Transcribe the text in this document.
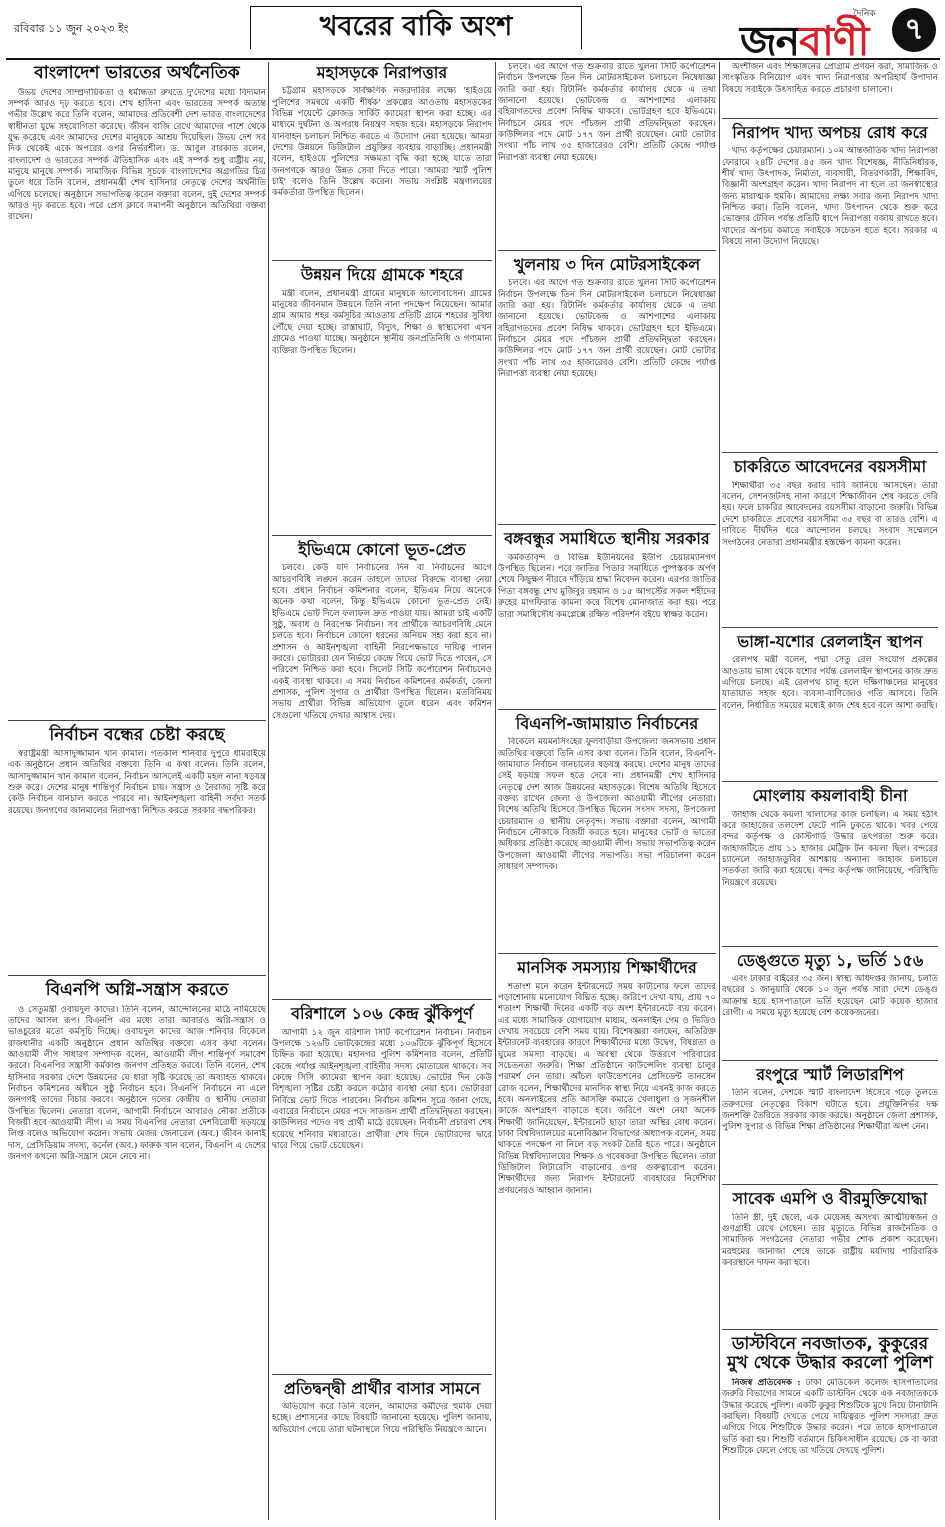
রবিবার ১১ জুন ২০২৩ ইং	খবরের বাকি অংশ	দৈনিক
জনবাণী	৭
বাংলাদেশ ভারতের অর্থনৈতিক

উভয় দেশের সাম্প্রদায়িকতা ও ধর্মান্ধতা রুখতে দু'দেশের মধ্যে বিদ্যমান সম্পর্ক আরও দৃঢ় করতে হবে। শেখ হাসিনা এবং ভারতের সম্পর্ক অত্যন্ত গভীর উল্লেখ করে তিনি বলেন, আমাদের প্রতিবেশী দেশ ভারত বাংলাদেশের স্বাধীনতা যুদ্ধে সহযোগিতা করেছে। জীবন বাজি রেখে আমাদের পাশে থেকে যুদ্ধ করেছে এবং আমাদের দেশের মানুষকে আশ্রয় দিয়েছিল। উভয় দেশ সব দিক থেকেই একে অপরের ওপর নির্ভরশীল। ড. আবুল বারকাত বলেন, বাংলাদেশ ও ভারতের সম্পর্ক ঐতিহাসিক এবং এই সম্পর্ক শুধু রাষ্ট্রীয় নয়, মানুষে মানুষে সম্পর্ক। সামাজিক বিভিন্ন সূচকে বাংলাদেশের অগ্রগতির চিত্র তুলে ধরে তিনি বলেন, প্রধানমন্ত্রী শেখ হাসিনার নেতৃত্বে দেশের অর্থনীতি এগিয়ে চলেছে। অনুষ্ঠানে সভাপতিত্ব করেন বক্তারা বলেন, দুই দেশের সম্পর্ক আরও দৃঢ় করতে হবে। পরে প্রেস ক্লাবে সমাপনী অনুষ্ঠানে অতিথিরা বক্তব্য রাখেন।

নির্বাচন বন্ধের চেষ্টা করছে

স্বরাষ্ট্রমন্ত্রী আসাদুজ্জামান খান কামাল। গতকাল শনিবার দুপুরে ধামরাইয়ে এক অনুষ্ঠানে প্রধান অতিথির বক্তব্যে তিনি এ কথা বলেন। তিনি বলেন, আসাদুজ্জামান খান কামাল বলেন, নির্বাচন আসলেই একটি মহল নানা ষড়যন্ত্র শুরু করে। দেশের মানুষ শান্তিপূর্ণ নির্বাচন চায়। সন্ত্রাস ও নৈরাজ্য সৃষ্টি করে কেউ নির্বাচন বানচাল করতে পারবে না। আইনশৃঙ্খলা বাহিনী সর্বদা সতর্ক রয়েছে। জনগণের জানমালের নিরাপত্তা নিশ্চিত করতে সরকার বদ্ধপরিকর।

বিএনপি অগ্নি-সন্ত্রাস করতে

ও সেতুমন্ত্রী ওবায়দুল কাদের। তিনি বলেন, আন্দোলনের মাঠে নামিয়েছে তাদের আসল রূপ। বিএনপি এর মধ্যে তারা আবারও অগ্নি-সন্ত্রাস ও ভাঙচুরের মতো কর্মসূচি দিচ্ছে। ওবায়দুল কাদের আজ শনিবার বিকেলে রাজধানীর একটি অনুষ্ঠানে প্রধান অতিথির বক্তব্যে এসব কথা বলেন। আওয়ামী লীগ সাধারণ সম্পাদক বলেন, আওয়ামী লীগ শান্তিপূর্ণ সমাবেশ করবে। বিএনপির সন্ত্রাসী কর্মকাণ্ড জনগণ প্রতিহত করবে। তিনি বলেন, শেখ হাসিনার সরকার দেশে উন্নয়নের যে ধারা সৃষ্টি করেছে তা অব্যাহত থাকবে। নির্বাচন কমিশনের অধীনে সুষ্ঠু নির্বাচন হবে। বিএনপি নির্বাচনে না এলে জনগণই তাদের বিচার করবে। অনুষ্ঠানে দলের কেন্দ্রীয় ও স্থানীয় নেতারা উপস্থিত ছিলেন। নেতারা বলেন, আগামী নির্বাচনে আবারও নৌকা প্রতীকে বিজয়ী হবে আওয়ামী লীগ। এ সময় বিএনপির নেতারা দেশবিরোধী ষড়যন্ত্রে লিপ্ত বলেও অভিযোগ করেন। সভায় মেজর জেনারেল (অব.) জীবন কানাই দাস, প্রেসিডিয়াম সদস্য, কর্নেল (অব.) ফারুক খান বলেন, বিএনপি এ দেশের জনগণ কখনো অগ্নি-সন্ত্রাস মেনে নেবে না।

মহাসড়কে নিরাপত্তার

চট্টগ্রাম মহাসড়কে সার্বক্ষণিক নজরদারির লক্ষ্যে 'হাইওয়ে পুলিশের সমন্বয়ে একটি শীর্ষক' প্রকল্পের আওতায় মহাসড়কের বিভিন্ন পয়েন্টে ক্লোজড সার্কিট ক্যামেরা স্থাপন করা হচ্ছে। এর মাধ্যমে দুর্ঘটনা ও অপরাধ নিয়ন্ত্রণ সহজ হবে। মহাসড়কে নিরাপদ যানবাহন চলাচল নিশ্চিত করতে এ উদ্যোগ নেয়া হয়েছে। আমরা দেশের উন্নয়নে ডিজিটাল প্রযুক্তির ব্যবহার বাড়াচ্ছি। প্রধানমন্ত্রী বলেন, হাইওয়ে পুলিশের সক্ষমতা বৃদ্ধি করা হচ্ছে যাতে তারা জনগণকে আরও উন্নত সেবা দিতে পারে। 'আমরা স্মার্ট পুলিশ চাই' বলেও তিনি উল্লেখ করেন। সভায় সংশ্লিষ্ট মন্ত্রণালয়ের কর্মকর্তারা উপস্থিত ছিলেন।

উন্নয়ন দিয়ে গ্রামকে শহরে

মন্ত্রী বলেন, প্রধানমন্ত্রী গ্রামের মানুষকে ভালোবাসেন। গ্রামের মানুষের জীবনমান উন্নয়নে তিনি নানা পদক্ষেপ নিয়েছেন। আমার গ্রাম আমার শহর কর্মসূচির আওতায় প্রতিটি গ্রামে শহরের সুবিধা পৌঁছে দেয়া হচ্ছে। রাস্তাঘাট, বিদ্যুৎ, শিক্ষা ও স্বাস্থ্যসেবা এখন গ্রামেও পাওয়া যাচ্ছে। অনুষ্ঠানে স্থানীয় জনপ্রতিনিধি ও গণ্যমান্য ব্যক্তিরা উপস্থিত ছিলেন।

ইভিএমে কোনো ভূত-প্রেত

চলবে। কেউ যদি নির্বাচনের দিন বা নির্বাচনের আগে আচরণবিধি লঙ্ঘন করেন তাহলে তাদের বিরুদ্ধে ব্যবস্থা নেয়া হবে। প্রধান নির্বাচন কমিশনার বলেন, ইভিএম নিয়ে অনেকে অনেক কথা বলেন, কিন্তু ইভিএমে কোনো ভূত-প্রেত নেই। ইভিএমে ভোট দিলে ফলাফল দ্রুত পাওয়া যায়। আমরা চাই একটি সুষ্ঠু, অবাধ ও নিরপেক্ষ নির্বাচন। সব প্রার্থীকে আচরণবিধি মেনে চলতে হবে। নির্বাচনে কোনো ধরনের অনিয়ম সহ্য করা হবে না। প্রশাসন ও আইনশৃঙ্খলা বাহিনী নিরপেক্ষভাবে দায়িত্ব পালন করবে। ভোটাররা যেন নির্ভয়ে কেন্দ্রে গিয়ে ভোট দিতে পারেন, সে পরিবেশ নিশ্চিত করা হবে। সিলেট সিটি কর্পোরেশন নির্বাচনেও একই ব্যবস্থা থাকবে। এ সময় নির্বাচন কমিশনের কর্মকর্তা, জেলা প্রশাসক, পুলিশ সুপার ও প্রার্থীরা উপস্থিত ছিলেন। মতবিনিময় সভায় প্রার্থীরা বিভিন্ন অভিযোগ তুলে ধরেন এবং কমিশন সেগুলো খতিয়ে দেখার আশ্বাস দেয়।

বরিশালে ১০৬ কেন্দ্র ঝুঁকিপূর্ণ

আগামী ১২ জুন বরিশাল সিটি কর্পোরেশন নির্বাচন। নির্বাচন উপলক্ষে ১২৬টি ভোটকেন্দ্রের মধ্যে ১০৬টিকে ঝুঁকিপূর্ণ হিসেবে চিহ্নিত করা হয়েছে। মহানগর পুলিশ কমিশনার বলেন, প্রতিটি কেন্দ্রে পর্যাপ্ত আইনশৃঙ্খলা বাহিনীর সদস্য মোতায়েন থাকবে। সব কেন্দ্রে সিসি ক্যামেরা স্থাপন করা হয়েছে। ভোটের দিন কেউ বিশৃঙ্খলা সৃষ্টির চেষ্টা করলে কঠোর ব্যবস্থা নেয়া হবে। ভোটাররা নির্বিঘ্নে ভোট দিতে পারবেন। নির্বাচন কমিশন সূত্রে জানা গেছে, এবারের নির্বাচনে মেয়র পদে সাতজন প্রার্থী প্রতিদ্বন্দ্বিতা করছেন। কাউন্সিলর পদেও বহু প্রার্থী মাঠে রয়েছেন। নির্বাচনী প্রচারণা শেষ হয়েছে শনিবার মধ্যরাতে। প্রার্থীরা শেষ দিনে ভোটারদের দ্বারে দ্বারে গিয়ে ভোট চেয়েছেন।

প্রতিদ্বন্দ্বী প্রার্থীর বাসার সামনে

অভিযোগ করে তিনি বলেন, আমাদের কর্মীদের হুমকি দেয়া হচ্ছে। প্রশাসনের কাছে বিষয়টি জানানো হয়েছে। পুলিশ জানায়, অভিযোগ পেয়ে তারা ঘটনাস্থলে গিয়ে পরিস্থিতি নিয়ন্ত্রণে আনে।

চলবে। এর আগে গত শুক্রবার রাতে খুলনা সিটি কর্পোরেশন নির্বাচন উপলক্ষে তিন দিন মোটরসাইকেল চলাচলে নিষেধাজ্ঞা জারি করা হয়। রিটার্নিং কর্মকর্তার কার্যালয় থেকে এ তথ্য জানানো হয়েছে। ভোটকেন্দ্র ও আশপাশের এলাকায় বহিরাগতদের প্রবেশ নিষিদ্ধ থাকবে। ভোটগ্রহণ হবে ইভিএমে। নির্বাচনে মেয়র পদে পাঁচজন প্রার্থী প্রতিদ্বন্দ্বিতা করছেন। কাউন্সিলর পদে মোট ১৭৭ জন প্রার্থী রয়েছেন। মোট ভোটার সংখ্যা পাঁচ লাখ ৩৫ হাজারেরও বেশি। প্রতিটি কেন্দ্রে পর্যাপ্ত নিরাপত্তা ব্যবস্থা নেয়া হয়েছে।

খুলনায় ৩ দিন মোটরসাইকেল

চলবে। এর আগে গত শুক্রবার রাতে খুলনা সিটি কর্পোরেশন নির্বাচন উপলক্ষে তিন দিন মোটরসাইকেল চলাচলে নিষেধাজ্ঞা জারি করা হয়। রিটার্নিং কর্মকর্তার কার্যালয় থেকে এ তথ্য জানানো হয়েছে। ভোটকেন্দ্র ও আশপাশের এলাকায় বহিরাগতদের প্রবেশ নিষিদ্ধ থাকবে। ভোটগ্রহণ হবে ইভিএমে। নির্বাচনে মেয়র পদে পাঁচজন প্রার্থী প্রতিদ্বন্দ্বিতা করছেন। কাউন্সিলর পদে মোট ১৭৭ জন প্রার্থী রয়েছেন। মোট ভোটার সংখ্যা পাঁচ লাখ ৩৫ হাজারেরও বেশি। প্রতিটি কেন্দ্রে পর্যাপ্ত নিরাপত্তা ব্যবস্থা নেয়া হয়েছে।

বঙ্গবন্ধুর সমাধিতে স্থানীয় সরকার

কর্মকর্তাবৃন্দ ও বিভিন্ন ইউনিয়নের ইউপি চেয়ারম্যানগণ উপস্থিত ছিলেন। পরে জাতির পিতার সমাধিতে পুষ্পস্তবক অর্পণ শেষে কিছুক্ষণ নীরবে দাঁড়িয়ে শ্রদ্ধা নিবেদন করেন। এরপর জাতির পিতা বঙ্গবন্ধু শেখ মুজিবুর রহমান ও ১৫ আগস্টের সকল শহীদের রুহের মাগফিরাত কামনা করে বিশেষ মোনাজাত করা হয়। পরে তারা সমাধিসৌধ কমপ্লেক্সে রক্ষিত পরিদর্শন বইয়ে স্বাক্ষর করেন।

বিএনপি-জামায়াত নির্বাচনের

বিকেলে ময়মনসিংহের ফুলবাড়ীয়া উপজেলা জনসভায় প্রধান অতিথির বক্তব্যে তিনি এসব কথা বলেন। তিনি বলেন, বিএনপি-জামায়াত নির্বাচন বানচালের ষড়যন্ত্র করছে। দেশের মানুষ তাদের সেই ষড়যন্ত্র সফল হতে দেবে না। প্রধানমন্ত্রী শেখ হাসিনার নেতৃত্বে দেশ আজ উন্নয়নের মহাসড়কে। বিশেষ অতিথি হিসেবে বক্তব্য রাখেন জেলা ও উপজেলা আওয়ামী লীগের নেতারা। বিশেষ অতিথি হিসেবে উপস্থিত ছিলেন সংসদ সদস্য, উপজেলা চেয়ারম্যান ও স্থানীয় নেতৃবৃন্দ। সভায় বক্তারা বলেন, আগামী নির্বাচনে নৌকাকে বিজয়ী করতে হবে। মানুষের ভোট ও ভাতের অধিকার প্রতিষ্ঠা করেছে আওয়ামী লীগ। সভায় সভাপতিত্ব করেন উপজেলা আওয়ামী লীগের সভাপতি। সভা পরিচালনা করেন সাধারণ সম্পাদক।

মানসিক সমস্যায় শিক্ষার্থীদের

শতাংশ মনে করেন ইন্টারনেটে সময় কাটানোর ফলে তাদের পড়াশোনায় মনোযোগ বিঘ্নিত হচ্ছে। জরিপে দেখা যায়, প্রায় ৭০ শতাংশ শিক্ষার্থী দিনের একটি বড় অংশ ইন্টারনেটে ব্যয় করেন। এর মধ্যে সামাজিক যোগাযোগ মাধ্যম, অনলাইন গেম ও ভিডিও দেখায় সবচেয়ে বেশি সময় যায়। বিশেষজ্ঞরা বলছেন, অতিরিক্ত ইন্টারনেট ব্যবহারের কারণে শিক্ষার্থীদের মধ্যে উদ্বেগ, বিষণ্ণতা ও ঘুমের সমস্যা বাড়ছে। এ অবস্থা থেকে উত্তরণে পরিবারের সচেতনতা জরুরি। শিক্ষা প্রতিষ্ঠানে কাউন্সেলিং ব্যবস্থা চালুর পরামর্শ দেন তারা। আঁচল ফাউন্ডেশনের প্রেসিডেন্ট তানসেন রোজ বলেন, শিক্ষার্থীদের মানসিক স্বাস্থ্য নিয়ে এখনই কাজ করতে হবে। অনলাইনের প্রতি আসক্তি কমাতে খেলাধুলা ও সৃজনশীল কাজে অংশগ্রহণ বাড়াতে হবে। জরিপে অংশ নেয়া অনেক শিক্ষার্থী জানিয়েছেন, ইন্টারনেট ছাড়া তারা অস্থির বোধ করেন। ঢাকা বিশ্ববিদ্যালয়ের মনোবিজ্ঞান বিভাগের অধ্যাপক বলেন, সময় থাকতে পদক্ষেপ না নিলে বড় সংকট তৈরি হতে পারে। অনুষ্ঠানে বিভিন্ন বিশ্ববিদ্যালয়ের শিক্ষক ও গবেষকরা উপস্থিত ছিলেন। তারা ডিজিটাল লিটারেসি বাড়ানোর ওপর গুরুত্বারোপ করেন। শিক্ষার্থীদের জন্য নিরাপদ ইন্টারনেট ব্যবহারের নির্দেশিকা প্রণয়নেরও আহ্বান জানান।

অংশীজন এবং শিক্ষাঙ্গনের প্রোগ্রাম প্রণয়ন করা, সামাজিক ও সাংস্কৃতিক বিনিয়োগ এবং খাদ্য নিরাপত্তার অপরিহার্য উপাদান বিষয়ে সবাইকে উৎসাহিত করতে প্রচারণা চালানো।

নিরাপদ খাদ্য অপচয় রোধ করে

খাদ্য কর্তৃপক্ষের চেয়ারম্যান। ১০ম আন্তর্জাতিক খাদ্য নিরাপত্তা ফোরামে ২৪টি দেশের ৪৫ জন খাদ্য বিশেষজ্ঞ, নীতিনির্ধারক, শীর্ষ খাদ্য উৎপাদক, নির্মাতা, ব্যবসায়ী, বিতরণকারী, শিক্ষাবিদ, বিজ্ঞানী অংশগ্রহণ করেন। খাদ্য নিরাপদ না হলে তা জনস্বাস্থ্যের জন্য মারাত্মক হুমকি। আমাদের লক্ষ্য সবার জন্য নিরাপদ খাদ্য নিশ্চিত করা। তিনি বলেন, খাদ্য উৎপাদন থেকে শুরু করে ভোক্তার টেবিল পর্যন্ত প্রতিটি ধাপে নিরাপত্তা বজায় রাখতে হবে। খাদ্যের অপচয় কমাতে সবাইকে সচেতন হতে হবে। সরকার এ বিষয়ে নানা উদ্যোগ নিয়েছে।

চাকরিতে আবেদনের বয়সসীমা

শিক্ষার্থীরা ৩৫ বছর করার দাবি জানিয়ে আসছেন। তারা বলেন, সেশনজটসহ নানা কারণে শিক্ষাজীবন শেষ করতে দেরি হয়। ফলে চাকরির আবেদনের বয়সসীমা বাড়ানো জরুরি। বিভিন্ন দেশে চাকরিতে প্রবেশের বয়সসীমা ৩৫ বছর বা তারও বেশি। এ দাবিতে দীর্ঘদিন ধরে আন্দোলন চলছে। সংবাদ সম্মেলনে সংগঠনের নেতারা প্রধানমন্ত্রীর হস্তক্ষেপ কামনা করেন।

ভাঙ্গা-যশোর রেললাইন স্থাপন

রেলপথ মন্ত্রী বলেন, পদ্মা সেতু রেল সংযোগ প্রকল্পের আওতায় ভাঙ্গা থেকে যশোর পর্যন্ত রেললাইন স্থাপনের কাজ দ্রুত এগিয়ে চলছে। এই রেলপথ চালু হলে দক্ষিণাঞ্চলের মানুষের যাতায়াত সহজ হবে। ব্যবসা-বাণিজ্যেও গতি আসবে। তিনি বলেন, নির্ধারিত সময়ের মধ্যেই কাজ শেষ হবে বলে আশা করছি।

মোংলায় কয়লাবাহী চীনা

জাহাজ থেকে কয়লা খালাসের কাজ চলছিল। এ সময় হঠাৎ করে জাহাজের তলদেশ ফেটে পানি ঢুকতে থাকে। খবর পেয়ে বন্দর কর্তৃপক্ষ ও কোস্টগার্ড উদ্ধার তৎপরতা শুরু করে। জাহাজটিতে প্রায় ১১ হাজার মেট্রিক টন কয়লা ছিল। বন্দরের চ্যানেলে জাহাজডুবির আশঙ্কায় অন্যান্য জাহাজ চলাচলে সতর্কতা জারি করা হয়েছে। বন্দর কর্তৃপক্ষ জানিয়েছে, পরিস্থিতি নিয়ন্ত্রণে রয়েছে।

ডেঙ্গুতে মৃত্যু ১, ভর্তি ১৫৬

এবং ঢাকার বাইরের ৩৫ জন। স্বাস্থ্য অধিদপ্তর জানায়, চলতি বছরের ১ জানুয়ারি থেকে ১০ জুন পর্যন্ত সারা দেশে ডেঙ্গু আক্রান্ত হয়ে হাসপাতালে ভর্তি হয়েছেন মোট কয়েক হাজার রোগী। এ সময়ে মৃত্যু হয়েছে বেশ কয়েকজনের।

রংপুরে স্মার্ট লিডারশিপ

তিনি বলেন, দেশকে স্মার্ট বাংলাদেশ হিসেবে গড়ে তুলতে তরুণদের নেতৃত্বের বিকাশ ঘটাতে হবে। প্রযুক্তিনির্ভর দক্ষ জনশক্তি তৈরিতে সরকার কাজ করছে। অনুষ্ঠানে জেলা প্রশাসক, পুলিশ সুপার ও বিভিন্ন শিক্ষা প্রতিষ্ঠানের শিক্ষার্থীরা অংশ নেন।

সাবেক এমপি ও বীরমুক্তিযোদ্ধা

তিনি স্ত্রী, দুই ছেলে, এক মেয়েসহ অসংখ্য আত্মীয়স্বজন ও গুণগ্রাহী রেখে গেছেন। তার মৃত্যুতে বিভিন্ন রাজনৈতিক ও সামাজিক সংগঠনের নেতারা গভীর শোক প্রকাশ করেছেন। মরহুমের জানাজা শেষে তাকে রাষ্ট্রীয় মর্যাদায় পারিবারিক কবরস্থানে দাফন করা হবে।

ডাস্টবিনে নবজাতক, কুকুরের মুখ থেকে উদ্ধার করলো পুলিশ

নিজস্ব প্রতিবেদক : ঢাকা মেডিকেল কলেজ হাসপাতালের জরুরি বিভাগের সামনে একটি ডাস্টবিন থেকে এক নবজাতককে উদ্ধার করেছে পুলিশ। একটি কুকুর শিশুটিকে মুখে নিয়ে টানাটানি করছিল। বিষয়টি দেখতে পেয়ে দায়িত্বরত পুলিশ সদস্যরা দ্রুত এগিয়ে গিয়ে শিশুটিকে উদ্ধার করেন। পরে তাকে হাসপাতালে ভর্তি করা হয়। শিশুটি বর্তমানে চিকিৎসাধীন রয়েছে। কে বা কারা শিশুটিকে ফেলে গেছে তা খতিয়ে দেখছে পুলিশ।
